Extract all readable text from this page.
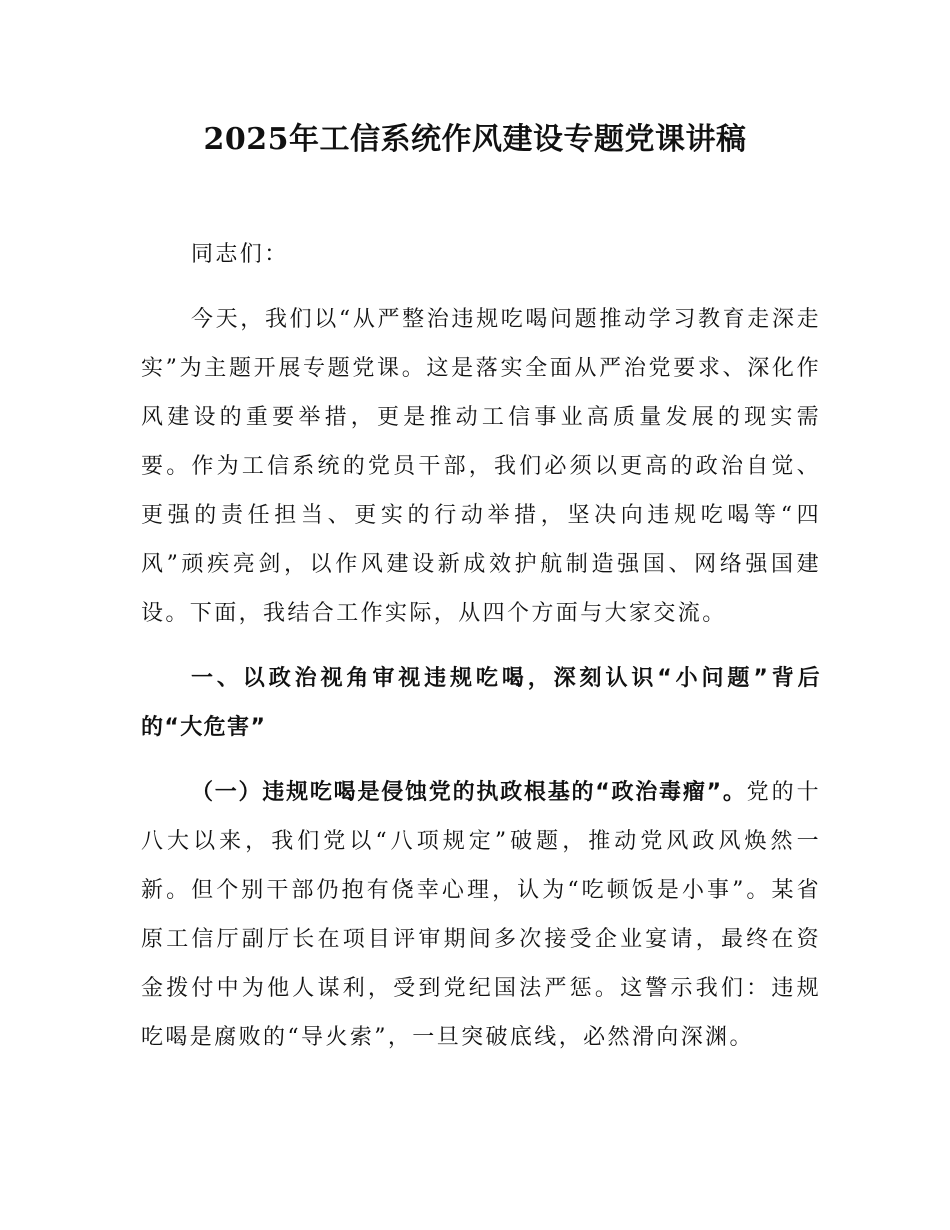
2025年工信系统作风建设专题党课讲稿

同志们：

今天，我们以“从严整治违规吃喝问题推动学习教育走深走实”为主题开展专题党课。这是落实全面从严治党要求、深化作风建设的重要举措，更是推动工信事业高质量发展的现实需要。作为工信系统的党员干部，我们必须以更高的政治自觉、更强的责任担当、更实的行动举措，坚决向违规吃喝等“四风”顽疾亮剑，以作风建设新成效护航制造强国、网络强国建设。下面，我结合工作实际，从四个方面与大家交流。

一、以政治视角审视违规吃喝，深刻认识“小问题”背后的“大危害”

（一）违规吃喝是侵蚀党的执政根基的“政治毒瘤”。党的十八大以来，我们党以“八项规定”破题，推动党风政风焕然一新。但个别干部仍抱有侥幸心理，认为“吃顿饭是小事”。某省原工信厅副厅长在项目评审期间多次接受企业宴请，最终在资金拨付中为他人谋利，受到党纪国法严惩。这警示我们：违规吃喝是腐败的“导火索”，一旦突破底线，必然滑向深渊。
